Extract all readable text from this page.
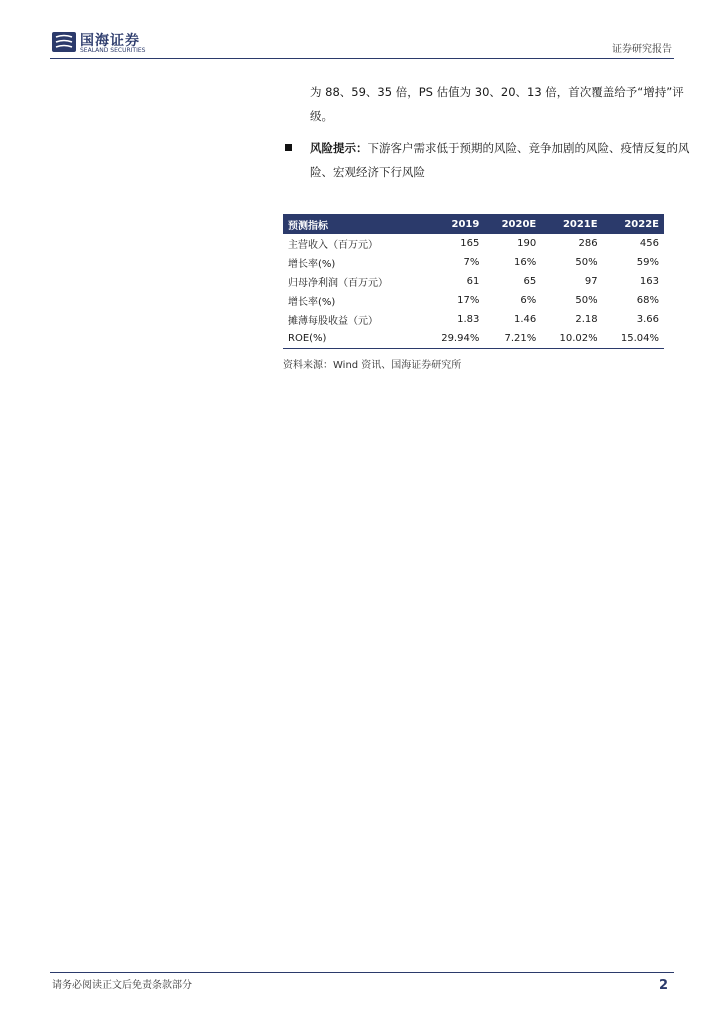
国海证券
SEALAND SECURITIES	证券研究报告
为 88、59、35 倍，PS 估值为 30、20、13 倍，首次覆盖给予“增持”评级。
风险提示：下游客户需求低于预期的风险、竞争加剧的风险、疫情反复的风险、宏观经济下行风险
预测指标	2019	2020E	2021E	2022E
主营收入（百万元）	165	190	286	456
增长率(%)	7%	16%	50%	59%
归母净利润（百万元）	61	65	97	163
增长率(%)	17%	6%	50%	68%
摊薄每股收益（元）	1.83	1.46	2.18	3.66
ROE(%)	29.94%	7.21%	10.02%	15.04%
资料来源：Wind 资讯、国海证券研究所
请务必阅读正文后免责条款部分	2
